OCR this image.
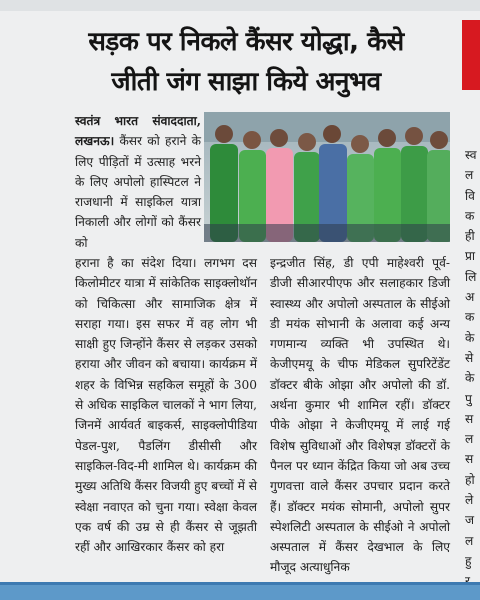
सड़क पर निकले कैंसर योद्धा, कैसे
जीती जंग साझा किये अनुभव

स्वतंत्र भारत संवाददाता, लखनऊ। कैंसर को हराने के लिए पीड़ितों में उत्साह भरने के लिए अपोलो हास्पिटल ने राजधानी में साइकिल यात्रा निकाली और लोगों को कैंसर को

हराना है का संदेश दिया। लगभग दस किलोमीटर यात्रा में सांकेतिक साइक्लोथॉन को चिकित्सा और सामाजिक क्षेत्र में सराहा गया। इस सफर में वह लोग भी साक्षी हुए जिन्होंने कैंसर से लड़कर उसको हराया और जीवन को बचाया। कार्यक्रम में शहर के विभिन्न सहकिल समूहों के 300 से अधिक साइकिल चालकों ने भाग लिया, जिनमें आर्यवर्त बाइकर्स, साइक्लोपीडिया पेडल-पुश, पैडलिंग डीसीसी और साइकिल-विद-मी शामिल थे। कार्यक्रम की मुख्य अतिथि कैंसर विजयी हुए बच्चों में से स्वेक्षा नवाएत को चुना गया। स्वेक्षा केवल एक वर्ष की उम्र से ही कैंसर से जूझती रहीं और आखिरकार कैंसर को हरा

इन्द्रजीत सिंह, डी एपी माहेश्वरी पूर्व- डीजी सीआरपीएफ और सलाहकार डिजी स्वास्थ्य और अपोलो अस्पताल के सीईओ डी मयंक सोभानी के अलावा कई अन्य गणमान्य व्यक्ति भी उपस्थित थे। केजीएमयू के चीफ मेडिकल सुपरिटेंडेंट डॉक्टर बीके ओझा और अपोलो की डॉ. अर्थना कुमार भी शामिल रहीं। डॉक्टर पीके ओझा ने केजीएमयू में लाई गई विशेष सुविधाओं और विशेषज्ञ डॉक्टरों के पैनल पर ध्यान केंद्रित किया जो अब उच्च गुणवत्ता वाले कैंसर उपचार प्रदान करते हैं। डॉक्टर मयंक सोमानी, अपोलो सुपर स्पेशलिटी अस्पताल के सीईओ ने अपोलो अस्पताल में कैंसर देखभाल के लिए मौजूद अत्याधुनिक

स्व
ल
वि
क
ही
प्रा
लि
अ
क
के
से
के
पु
स
ल
स
हो
ले
ज
ल
हु
